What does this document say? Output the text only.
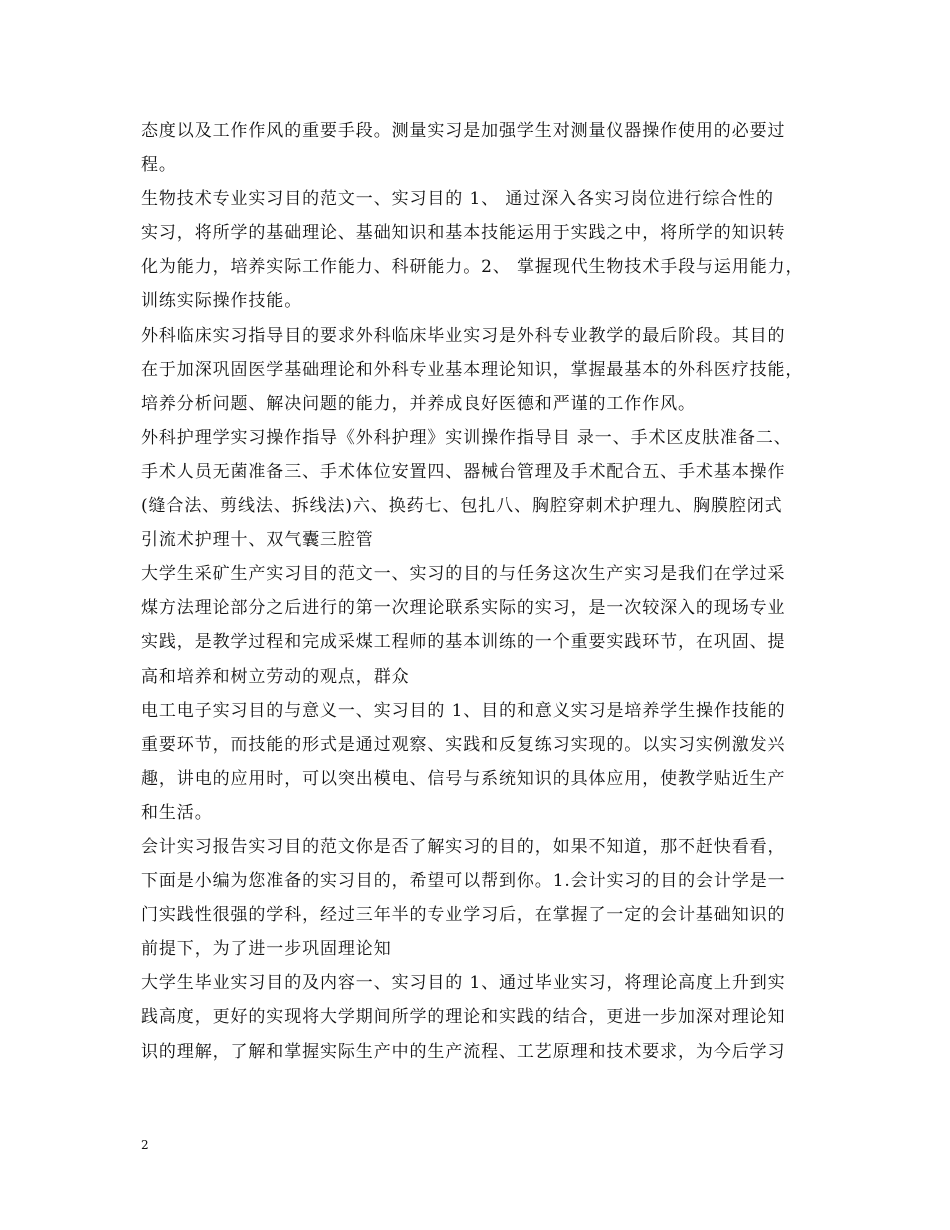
态度以及工作作风的重要手段。测量实习是加强学生对测量仪器操作使用的必要过
程。

生物技术专业实习目的范文一、实习目的 1、 通过深入各实习岗位进行综合性的
实习，将所学的基础理论、基础知识和基本技能运用于实践之中，将所学的知识转
化为能力，培养实际工作能力、科研能力。2、 掌握现代生物技术手段与运用能力，
训练实际操作技能。

外科临床实习指导目的要求外科临床毕业实习是外科专业教学的最后阶段。其目的
在于加深巩固医学基础理论和外科专业基本理论知识，掌握最基本的外科医疗技能，
培养分析问题、解决问题的能力，并养成良好医德和严谨的工作作风。

外科护理学实习操作指导《外科护理》实训操作指导目 录一、手术区皮肤准备二、
手术人员无菌准备三、手术体位安置四、器械台管理及手术配合五、手术基本操作
(缝合法、剪线法、拆线法)六、换药七、包扎八、胸腔穿刺术护理九、胸膜腔闭式
引流术护理十、双气囊三腔管

大学生采矿生产实习目的范文一、实习的目的与任务这次生产实习是我们在学过采
煤方法理论部分之后进行的第一次理论联系实际的实习，是一次较深入的现场专业
实践，是教学过程和完成采煤工程师的基本训练的一个重要实践环节，在巩固、提
高和培养和树立劳动的观点，群众

电工电子实习目的与意义一、实习目的 1、目的和意义实习是培养学生操作技能的
重要环节，而技能的形式是通过观察、实践和反复练习实现的。以实习实例激发兴
趣，讲电的应用时，可以突出模电、信号与系统知识的具体应用，使教学贴近生产
和生活。

会计实习报告实习目的范文你是否了解实习的目的，如果不知道，那不赶快看看，
下面是小编为您准备的实习目的，希望可以帮到你。1.会计实习的目的会计学是一
门实践性很强的学科，经过三年半的专业学习后，在掌握了一定的会计基础知识的
前提下，为了进一步巩固理论知

大学生毕业实习目的及内容一、实习目的 1、通过毕业实习，将理论高度上升到实
践高度，更好的实现将大学期间所学的理论和实践的结合，更进一步加深对理论知
识的理解，了解和掌握实际生产中的生产流程、工艺原理和技术要求，为今后学习

2
